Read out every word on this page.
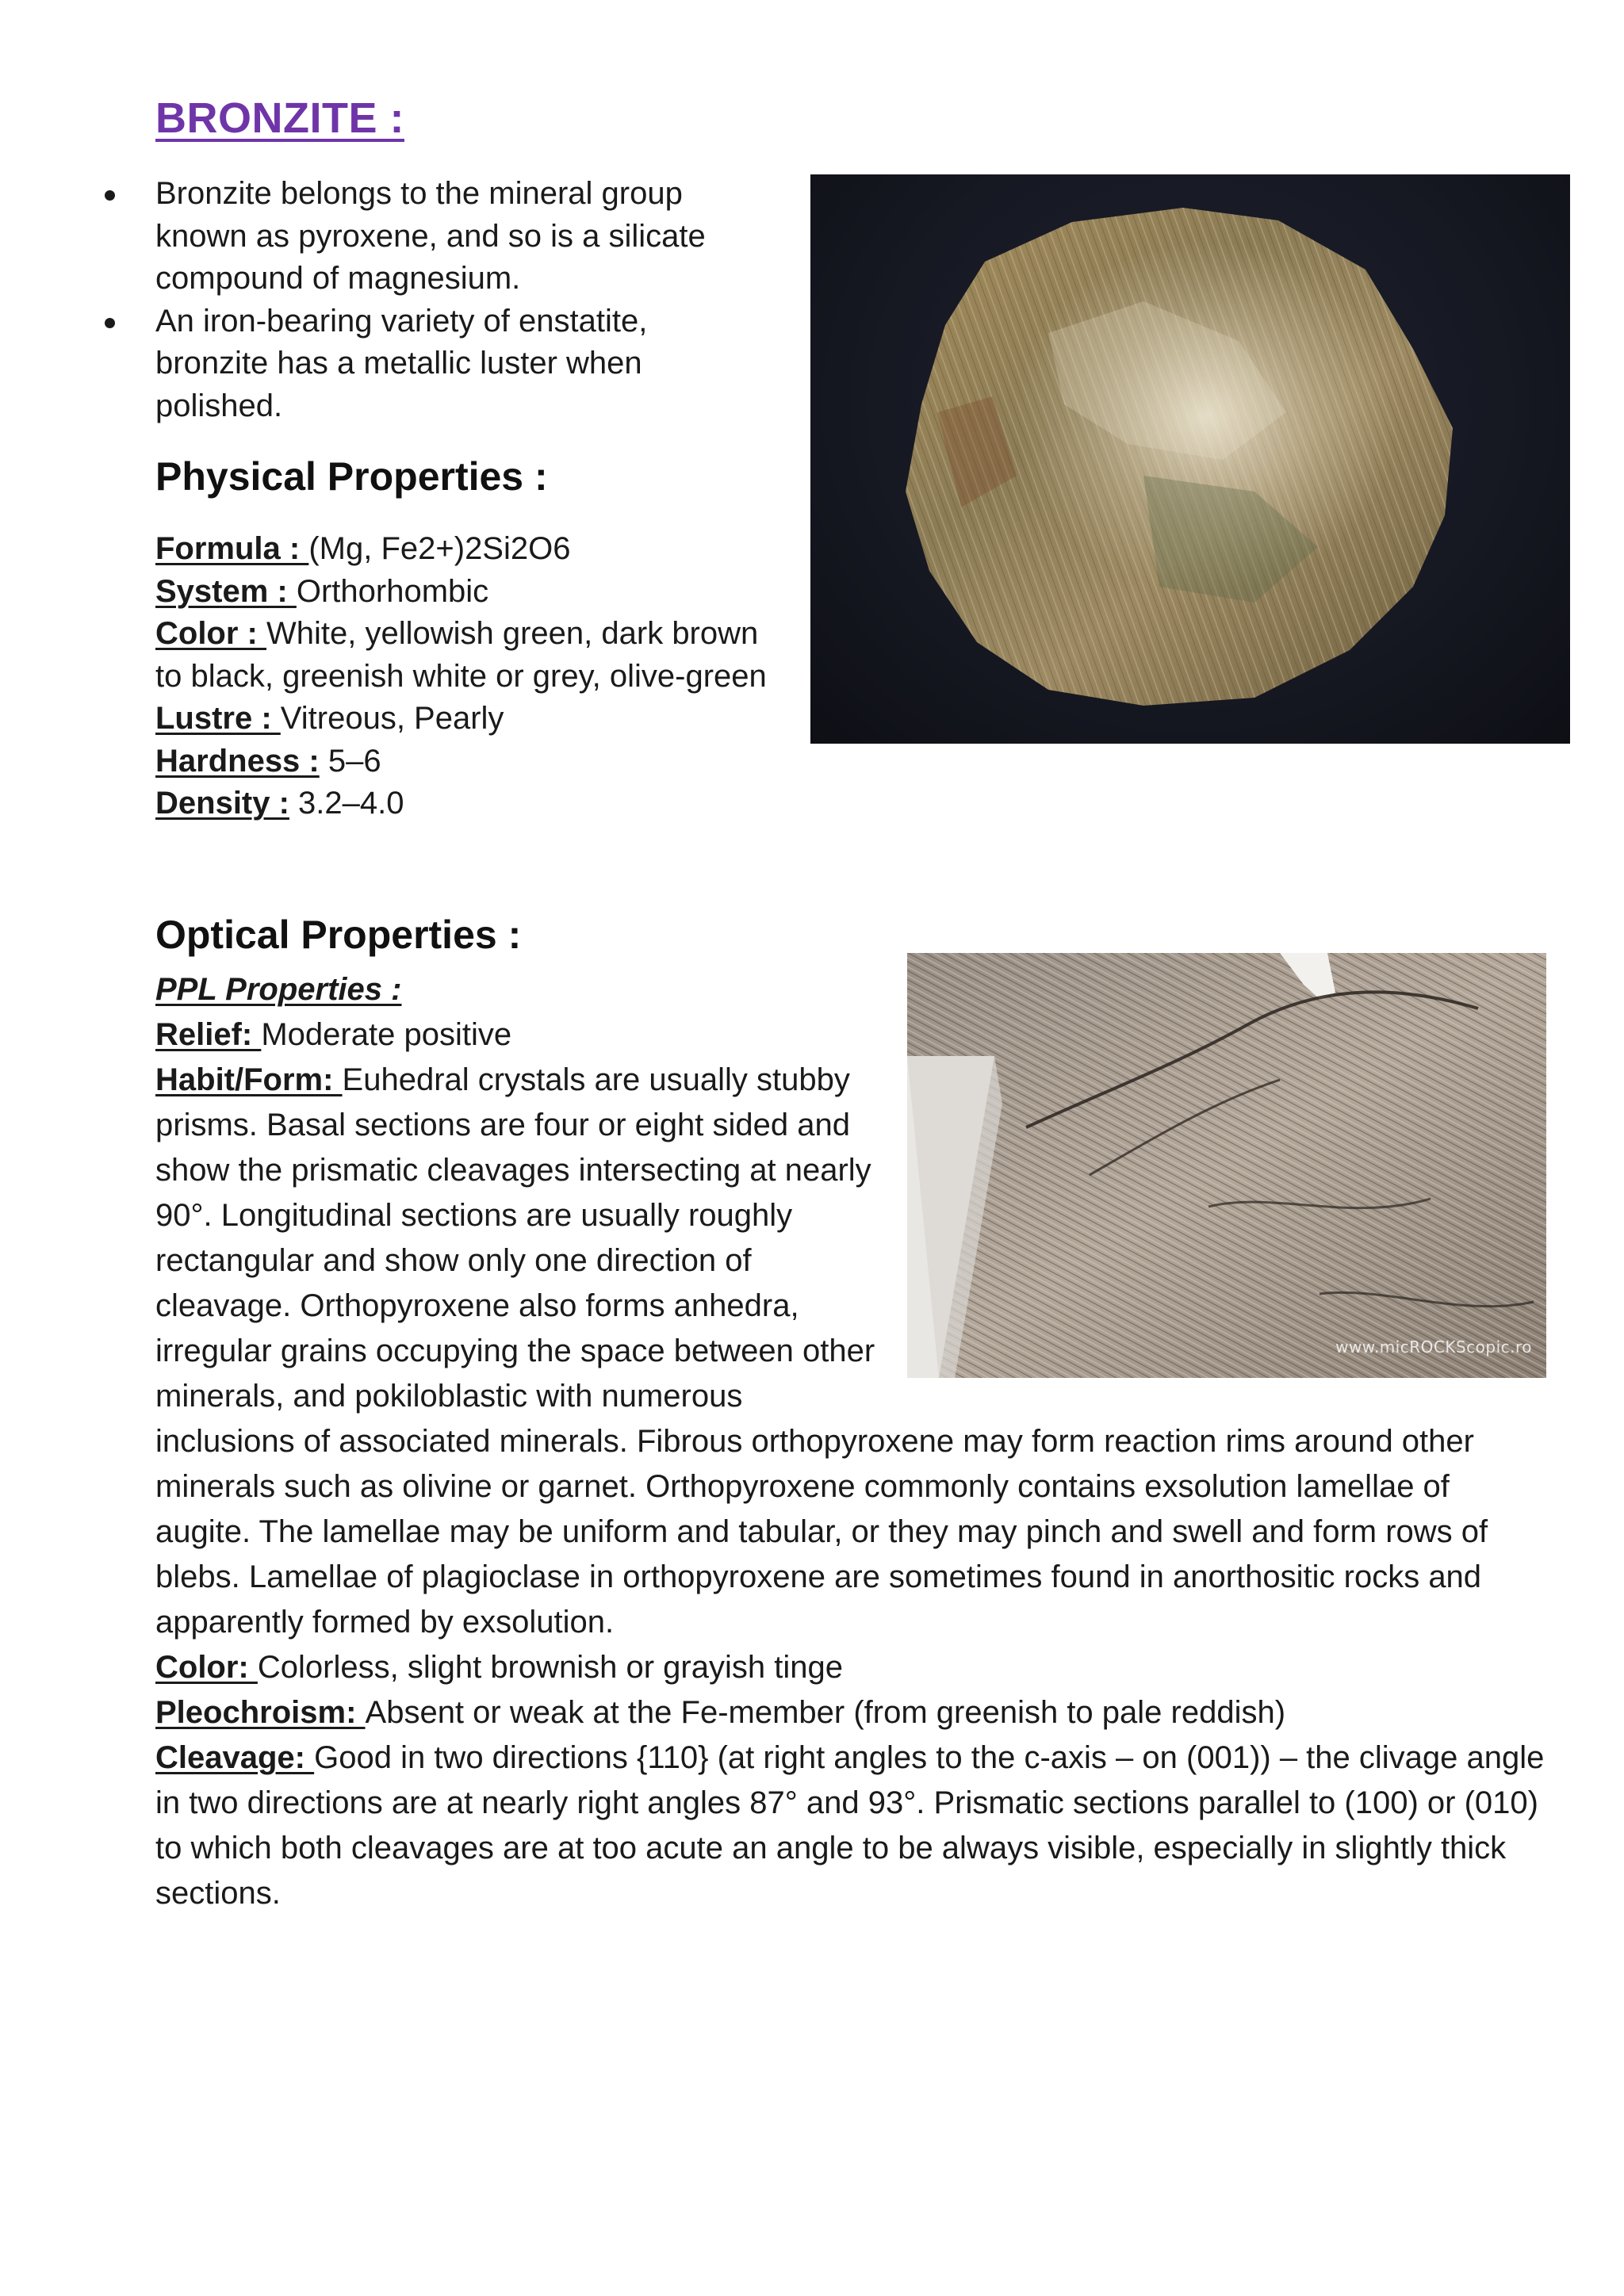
BRONZITE :
Bronzite belongs to the mineral group known as pyroxene, and so is a silicate compound of magnesium.
An iron-bearing variety of enstatite, bronzite has a metallic luster when polished.
Physical Properties :

Formula : (Mg, Fe2+)2Si2O6

System : Orthorhombic

Color : White, yellowish green, dark brown to black, greenish white or grey, olive-green

Lustre : Vitreous, Pearly

Hardness : 5–6

Density : 3.2–4.0

Optical Properties :
www.micROCKScopic.ro

PPL Properties :

Relief: Moderate positive

Habit/Form: Euhedral crystals are usually stubby prisms. Basal sections are four or eight sided and show the prismatic cleavages intersecting at nearly 90°. Longitudinal sections are usually roughly rectangular and show only one direction of cleavage. Orthopyroxene also forms anhedra, irregular grains occupying the space between other minerals, and pokiloblastic with numerous inclusions of associated minerals. Fibrous orthopyroxene may form reaction rims around other minerals such as olivine or garnet. Orthopyroxene commonly contains exsolution lamellae of augite. The lamellae may be uniform and tabular, or they may pinch and swell and form rows of blebs. Lamellae of plagioclase in orthopyroxene are sometimes found in anorthositic rocks and apparently formed by exsolution.

Color: Colorless, slight brownish or grayish tinge

Pleochroism: Absent or weak at the Fe-member (from greenish to pale reddish)

Cleavage: Good in two directions {110} (at right angles to the c-axis – on (001)) – the clivage angle in two directions are at nearly right angles 87° and 93°. Prismatic sections parallel to (100) or (010) to which both cleavages are at too acute an angle to be always visible, especially in slightly thick sections.
